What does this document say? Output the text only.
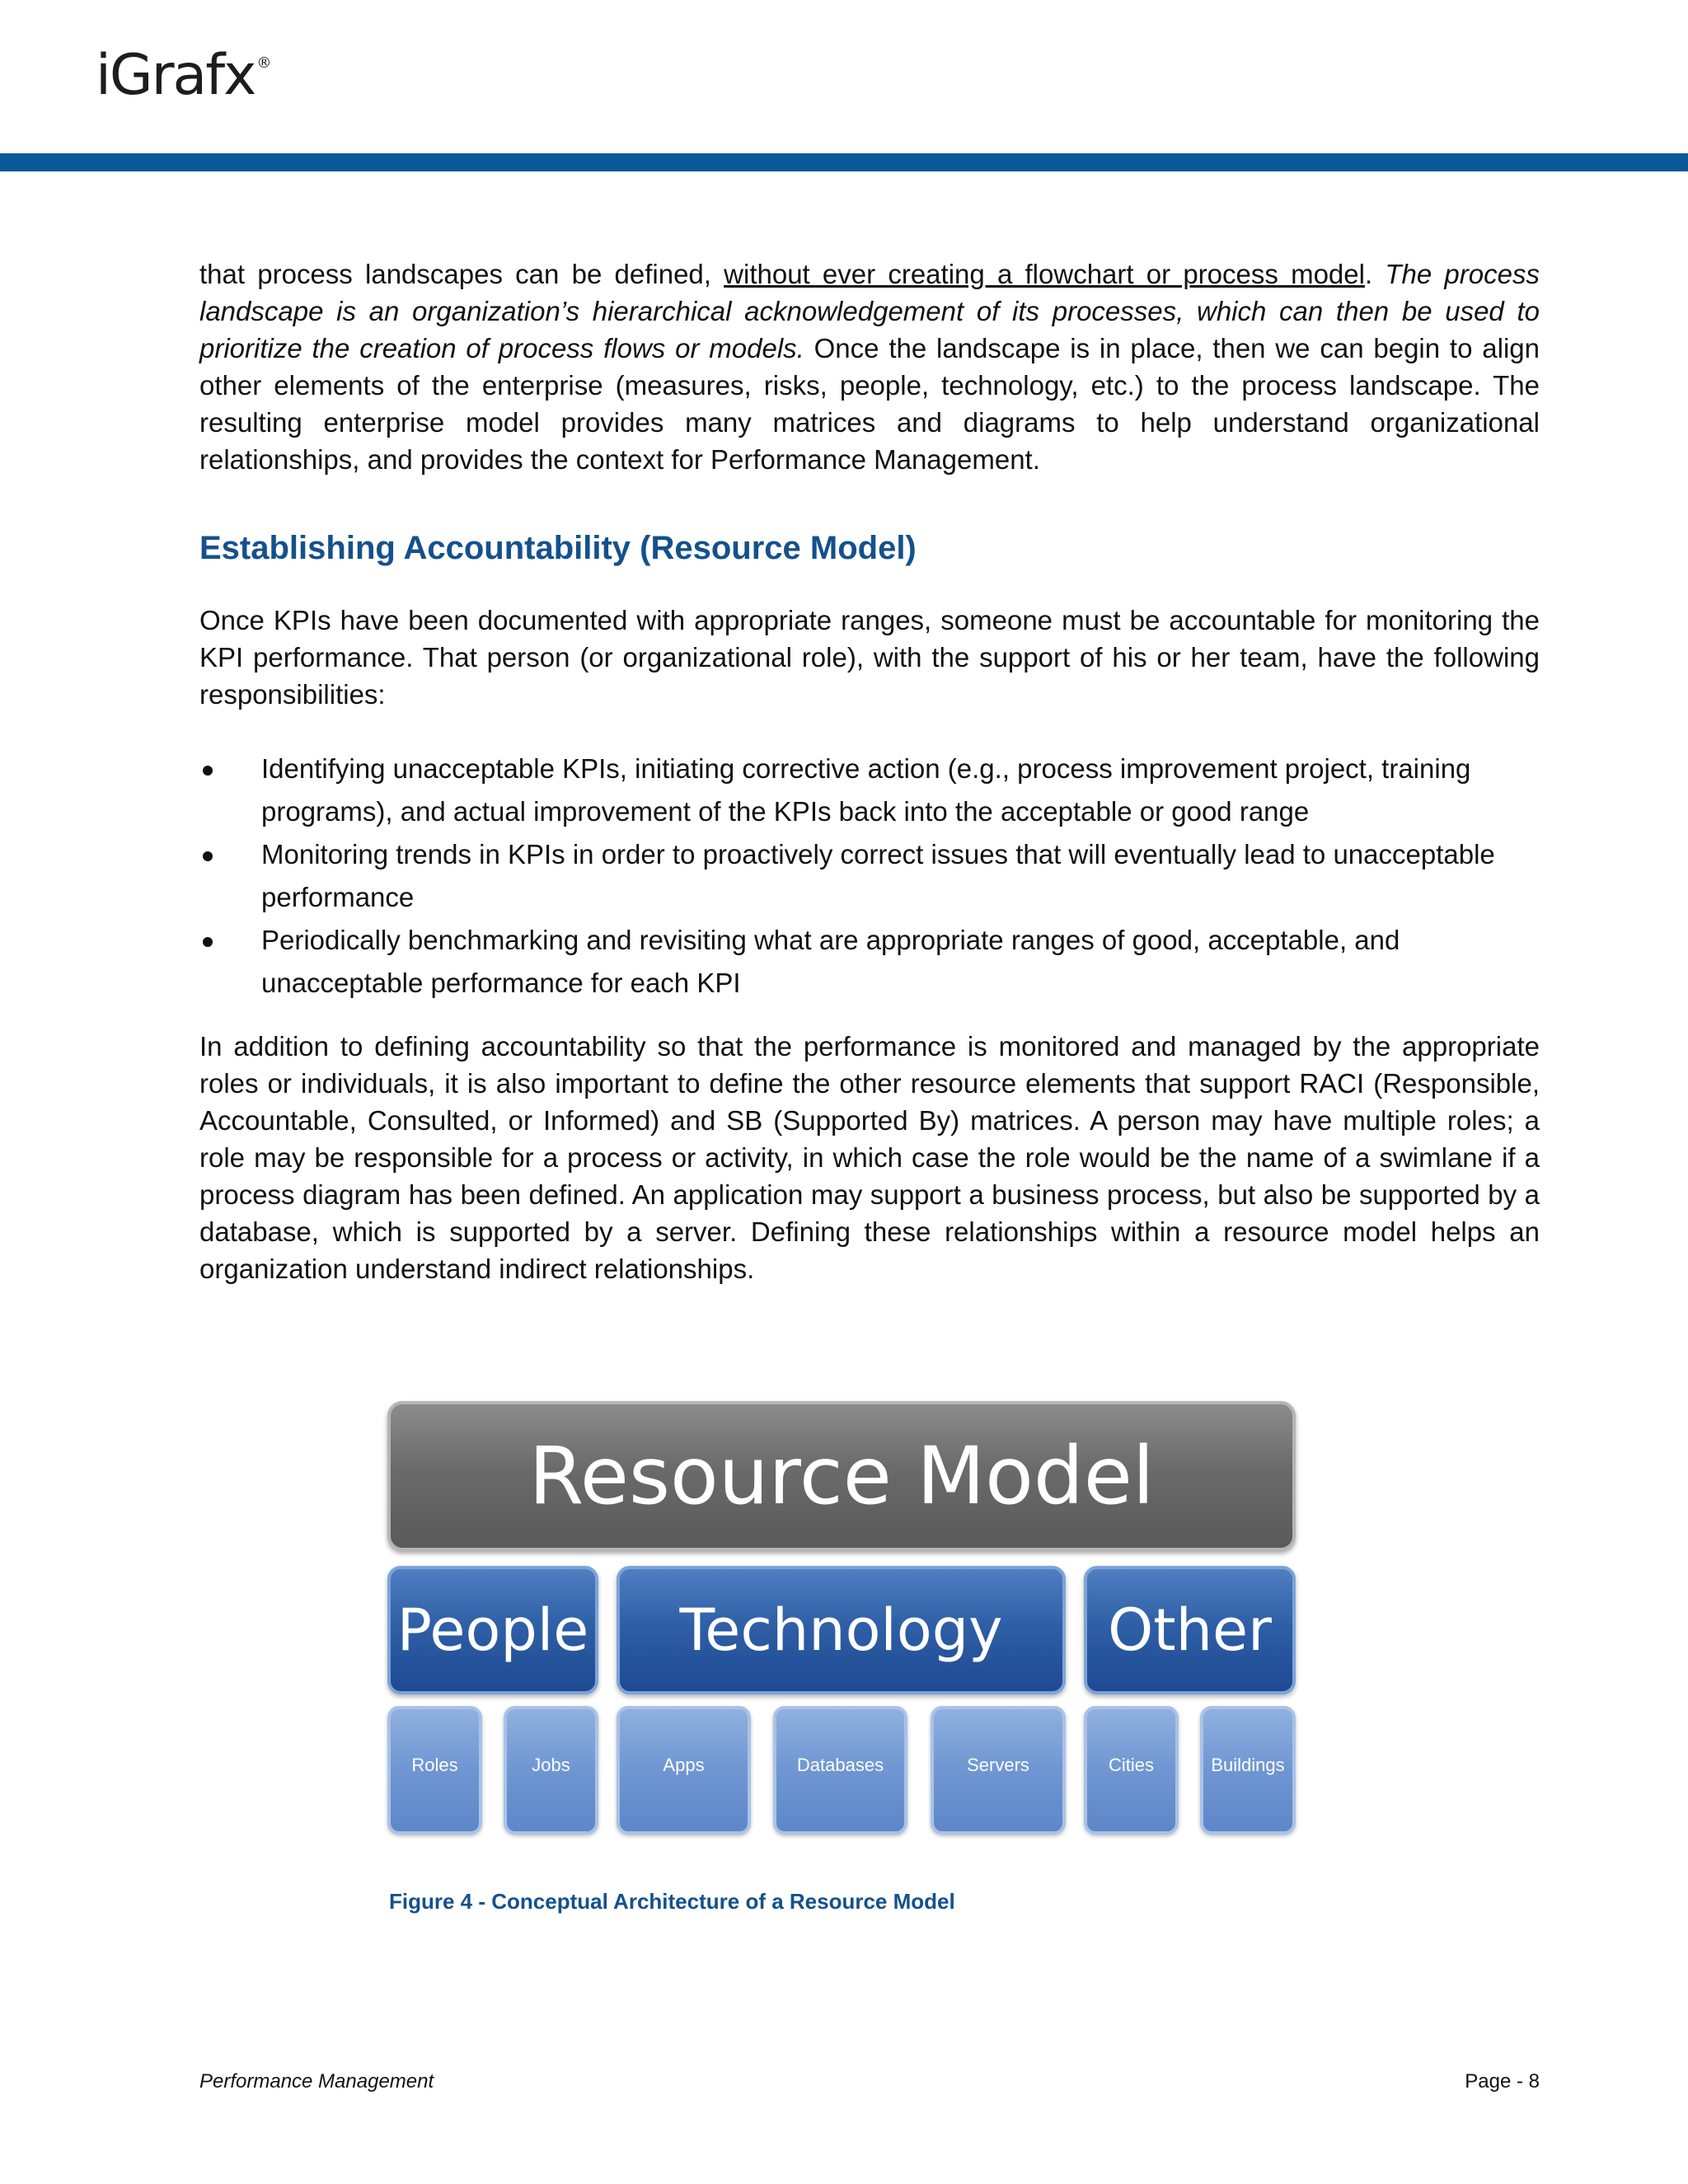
iGrafx ®

that process landscapes can be defined, without ever creating a flowchart or process model. The process landscape is an organization’s hierarchical acknowledgement of its processes, which can then be used to prioritize the creation of process flows or models. Once the landscape is in place, then we can begin to align other elements of the enterprise (measures, risks, people, technology, etc.) to the process landscape. The resulting enterprise model provides many matrices and diagrams to help understand organizational relationships, and provides the context for Performance Management.

Establishing Accountability (Resource Model)

Once KPIs have been documented with appropriate ranges, someone must be accountable for monitoring the KPI performance. That person (or organizational role), with the support of his or her team, have the following responsibilities:

Identifying unacceptable KPIs, initiating corrective action (e.g., process improvement project, training programs), and actual improvement of the KPIs back into the acceptable or good range
Monitoring trends in KPIs in order to proactively correct issues that will eventually lead to unacceptable performance
Periodically benchmarking and revisiting what are appropriate ranges of good, acceptable, and unacceptable performance for each KPI

In addition to defining accountability so that the performance is monitored and managed by the appropriate roles or individuals, it is also important to define the other resource elements that support RACI (Responsible, Accountable, Consulted, or Informed) and SB (Supported By) matrices. A person may have multiple roles; a role may be responsible for a process or activity, in which case the role would be the name of a swimlane if a process diagram has been defined. An application may support a business process, but also be supported by a database, which is supported by a server. Defining these relationships within a resource model helps an organization understand indirect relationships.

Resource Model
People	Technology	Other
Roles	Jobs	Apps	Databases	Servers	Cities	Buildings
Figure 4 - Conceptual Architecture of a Resource Model
Performance Management	Page - 8
